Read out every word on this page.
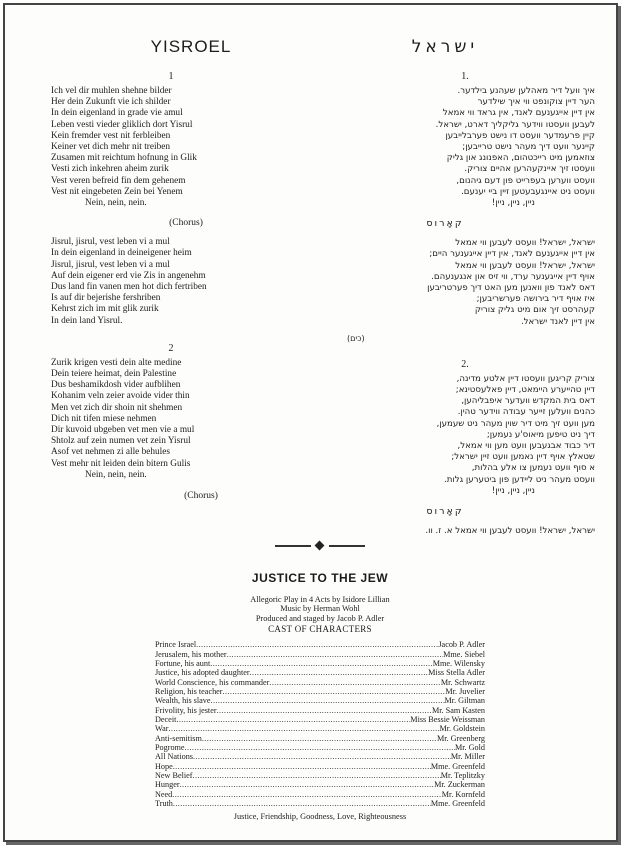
YISROEL
1
Ich vel dir muhlen shehne bilder
Her dein Zukunft vie ich shilder
In dein eigenland in grade vie amul
Leben vesti vieder gliklich dort Yisrul
Kein fremder vest nit ferbleiben
Keiner vet dich mehr nit treiben
Zusamen mit reichtum hofnung in Glik
Vesti zich inkehren aheim zurik
Vest veren befreid fin dem gehenem
Vest nit eingebeten Zein bei Yenem
Nein, nein, nein.
(Chorus)
Jisrul, jisrul, vest leben vi a mul
In dein eigenland in deineigener heim
Jisrul, jisrul, vest leben vi a mul
Auf dein eigener erd vie Zis in angenehm
Dus land fin vanen men hot dich fertriben
Is auf dir bejerishe fershriben
Kehrst zich im mit glik zurik
In dein land Yisrul.
2
Zurik krigen vesti dein alte medine
Dein teiere heimat, dein Palestine
Dus beshamikdosh vider aufblihen
Kohanim veln zeier avoide vider thin
Men vet zich dir shoin nit shehmen
Dich nit tifen miese nehmen
Dir kuvoid ubgeben vet men vie a mul
Shtolz auf zein numen vet zein Yisrul
Asof vet nehmen zi alle behules
Vest mehr nit leiden dein bitern Gulis
Nein, nein, nein.
(Chorus)
ישראל
.1
איך וועל דיר מאהלען שעהנע בילדער.
הער דיין צוקונפט ווי איך שילדער
אין דיין אייגענעם לאנד, אין גראד ווי אמאל
לעבען וועסטו ווידער גליקליך דארט, ישראל.
קיין פרעמדער וועסט דו נישט פערבלייבען
קיינער וועט דיך מעהר נישט טרייבען;
צוזאמען מיט רייכטהום, האפנונג און גליק
וועסטו זיך איינקעהרען אהיים צוריק.
וועסט ווערען בעפרייט פון דעם גיהנום,
וועסט ניט איינגעבעטען זיין ביי יענעם.
ניין, ניין, ניין!
קאָרוס
ישראל, ישראל! וועסט לעבען ווי אמאל
אין דיין אייגענעם לאנד, אין דיין אייגענער היים;
ישראל, ישראל! וועסט לעבען ווי אמאל
אויף דיין אייגענער ערד, ווי זיס און אנגענעהם.
דאס לאנד פון וואנען מען האט דיך פערטריבען
איז אויף דיר בירושה פערשריבען;
קעהרסט זיך אום מיט גליק צוריק
אין דיין לאנד ישראל.
(כים)
.2
צוריק קריגען וועסטו דיין אלטע מדינה,
דיין טהייערע היימאט, דיין פאלעסטינא;
דאס בית המקדש וועדער איפבליהען,
כהנים וועלען זייער עבודה ווידער טהין.
מען וועט זיך מיט דיר שוין מעהר ניט שעמען,
דיך ניט טיפען מיאוס'ע נעמען;
דיר כבוד אבגעבען וועט מען ווי אמאל,
שטאלץ אויף דיין נאמען וועט זיין ישראל;
א סוף וועט נעמען צו אלע בהלות,
וועסט מעהר ניט ליידען פון ביטערען גלות.
ניין, ניין, ניין!
קאָרוס
ישראל, ישראל! וועסט לעבען ווי אמאל א. ז. וו.
JUSTICE TO THE JEW
Allegoric Play in 4 Acts by Isidore Lillian
Music by Herman Wohl
Produced and staged by Jacob P. Adler
CAST OF CHARACTERS
Prince Israel .....	Jacob P. Adler
Jerusalem, his mother .....	Mme. Siebel
Fortune, his aunt .....	Mme. Wilensky
Justice, his adopted daughter .....	Miss Stella Adler
World Conscience, his commander .....	Mr. Schwartz
Religion, his teacher .....	Mr. Juvelier
Wealth, his slave .....	Mr. Giltman
Frivolity, his jester .....	Mr. Sam Kasten
Deceit .....	Miss Bessie Weissman
War .....	Mr. Goldstein
Anti-semitism .....	Mr. Greenberg
Pogrome .....	Mr. Gold
All Nations .....	Mr. Miller
Hope .....	Mme. Greenfeld
New Belief .....	Mr. Teplitzky
Hunger .....	Mr. Zuckerman
Need .....	Mr. Kornfeld
Truth .....	Mme. Greenfeld
Justice, Friendship, Goodness, Love, Righteousness
